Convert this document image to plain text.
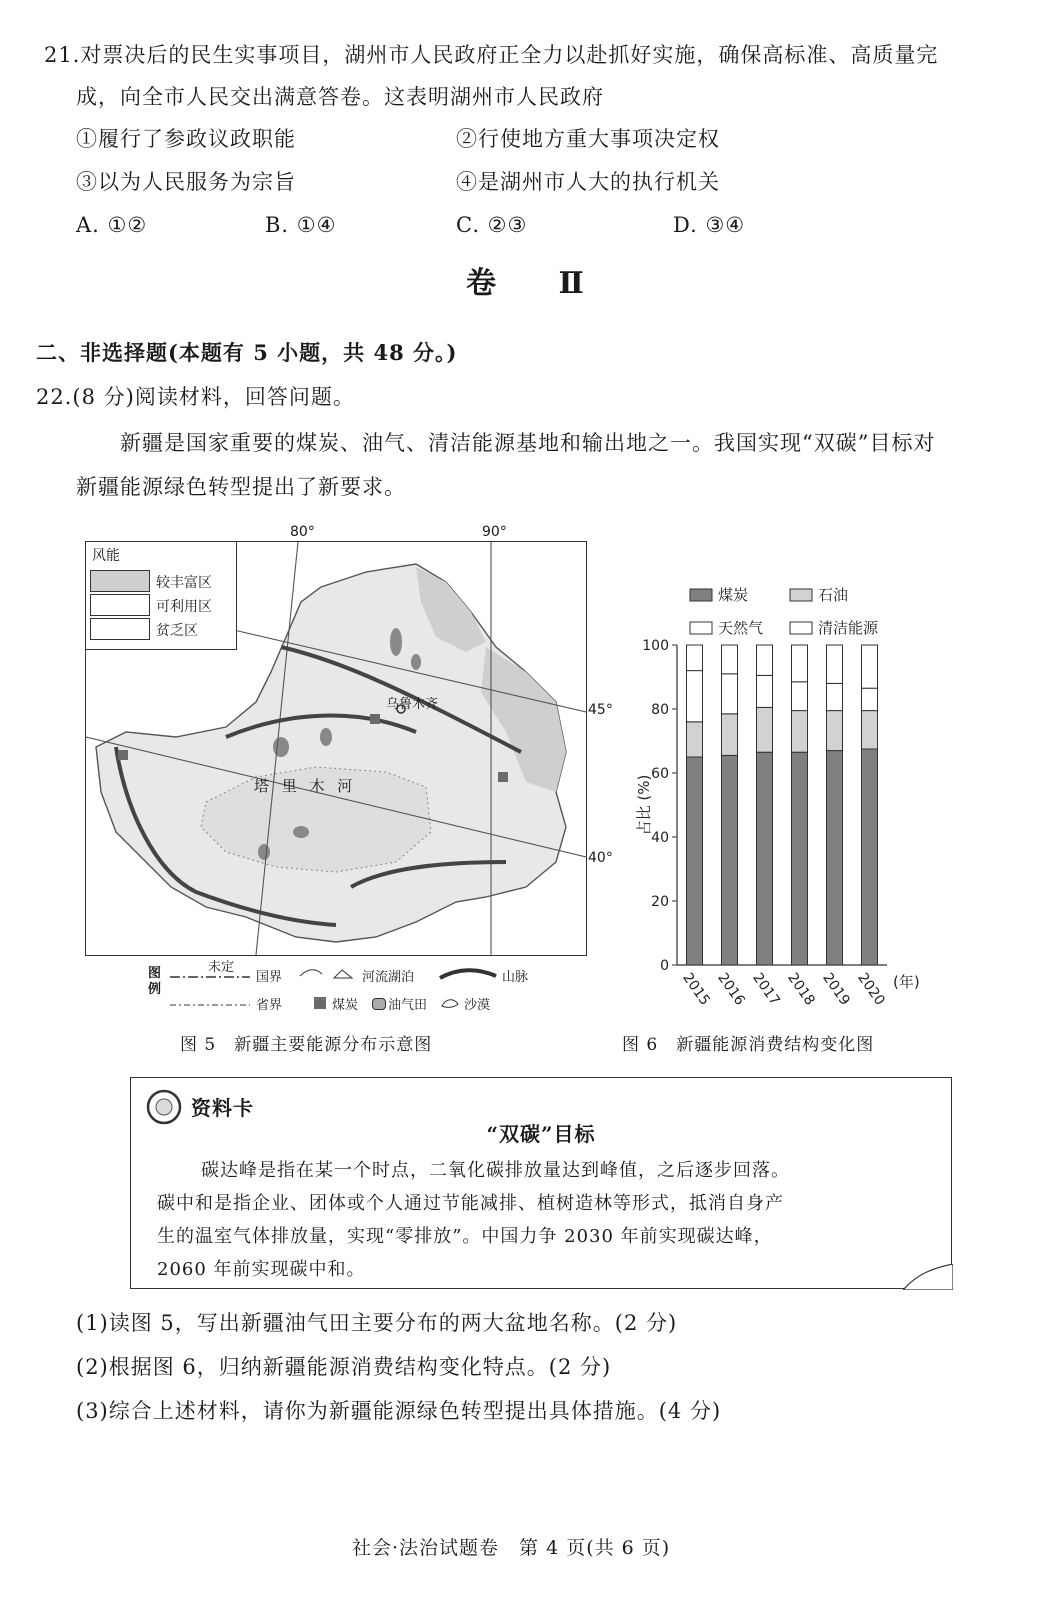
21.对票决后的民生实事项目，湖州市人民政府正全力以赴抓好实施，确保高标准、高质量完
成，向全市人民交出满意答卷。这表明湖州市人民政府
①履行了参政议政职能	②行使地方重大事项决定权
③以为人民服务为宗旨	④是湖州市人大的执行机关
A. ①②	B. ①④	C. ②③	D. ③④
卷 Ⅱ
二、非选择题(本题有 5 小题，共 48 分。)
22.(8 分)阅读材料，回答问题。
新疆是国家重要的煤炭、油气、清洁能源基地和输出地之一。我国实现“双碳”目标对
新疆能源绿色转型提出了新要求。
80°	90°
风能
较丰富区
可利用区
贫乏区
乌鲁木齐
塔 里 木 河
45°
40°
图例
未定
国界	河流湖泊	山脉
省界	煤炭 油气田	沙漠
图 5　新疆主要能源分布示意图
煤炭	石油
天然气	清洁能源
0
20
40
60
80
100
占比 (%)
2015 2016 2017 2018 2019 2020 (年)
图 6　新疆能源消费结构变化图
资料卡
“双碳”目标

碳达峰是指在某一个时点，二氧化碳排放量达到峰值，之后逐步回落。

碳中和是指企业、团体或个人通过节能减排、植树造林等形式，抵消自身产

生的温室气体排放量，实现“零排放”。中国力争 2030 年前实现碳达峰，

2060 年前实现碳中和。

(1)读图 5，写出新疆油气田主要分布的两大盆地名称。(2 分)
(2)根据图 6，归纳新疆能源消费结构变化特点。(2 分)
(3)综合上述材料，请你为新疆能源绿色转型提出具体措施。(4 分)
社会·法治试题卷　第 4 页(共 6 页)
